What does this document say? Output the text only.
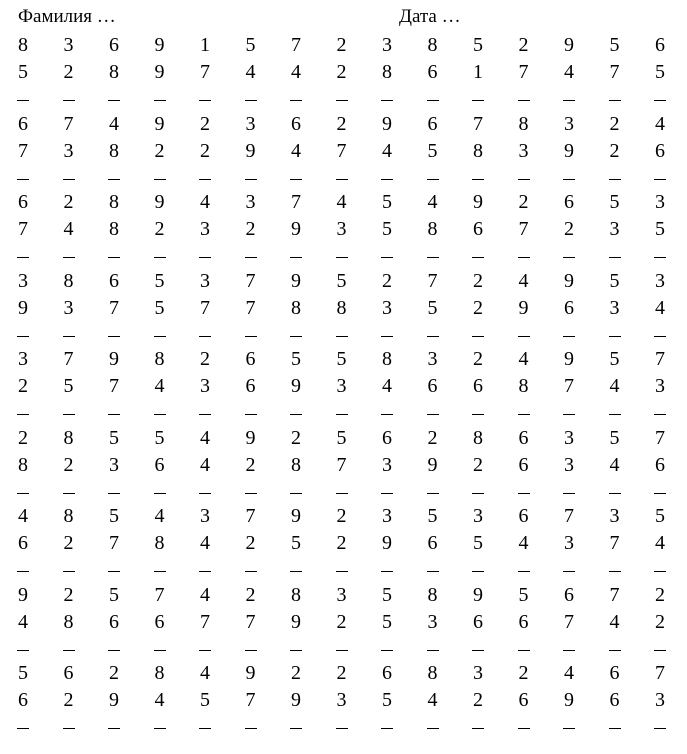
Фамилия …	Дата …
8 3 6 9 1 5 7 2 3 8 5 2 9 5 6
5 2 8 9 7 4 4 2 8 6 1 7 4 7 5
6 7 4 9 2 3 6 2 9 6 7 8 3 2 4
7 3 8 2 2 9 4 7 4 5 8 3 9 2 6
6 2 8 9 4 3 7 4 5 4 9 2 6 5 3
7 4 8 2 3 2 9 3 5 8 6 7 2 3 5
3 8 6 5 3 7 9 5 2 7 2 4 9 5 3
9 3 7 5 7 7 8 8 3 5 2 9 6 3 4
3 7 9 8 2 6 5 5 8 3 2 4 9 5 7
2 5 7 4 3 6 9 3 4 6 6 8 7 4 3
2 8 5 5 4 9 2 5 6 2 8 6 3 5 7
8 2 3 6 4 2 8 7 3 9 2 6 3 4 6
4 8 5 4 3 7 9 2 3 5 3 6 7 3 5
6 2 7 8 4 2 5 2 9 6 5 4 3 7 4
9 2 5 7 4 2 8 3 5 8 9 5 6 7 2
4 8 6 6 7 7 9 2 5 3 6 6 7 4 2
5 6 2 8 4 9 2 2 6 8 3 2 4 6 7
6 2 9 4 5 7 9 3 5 4 2 6 9 6 3
